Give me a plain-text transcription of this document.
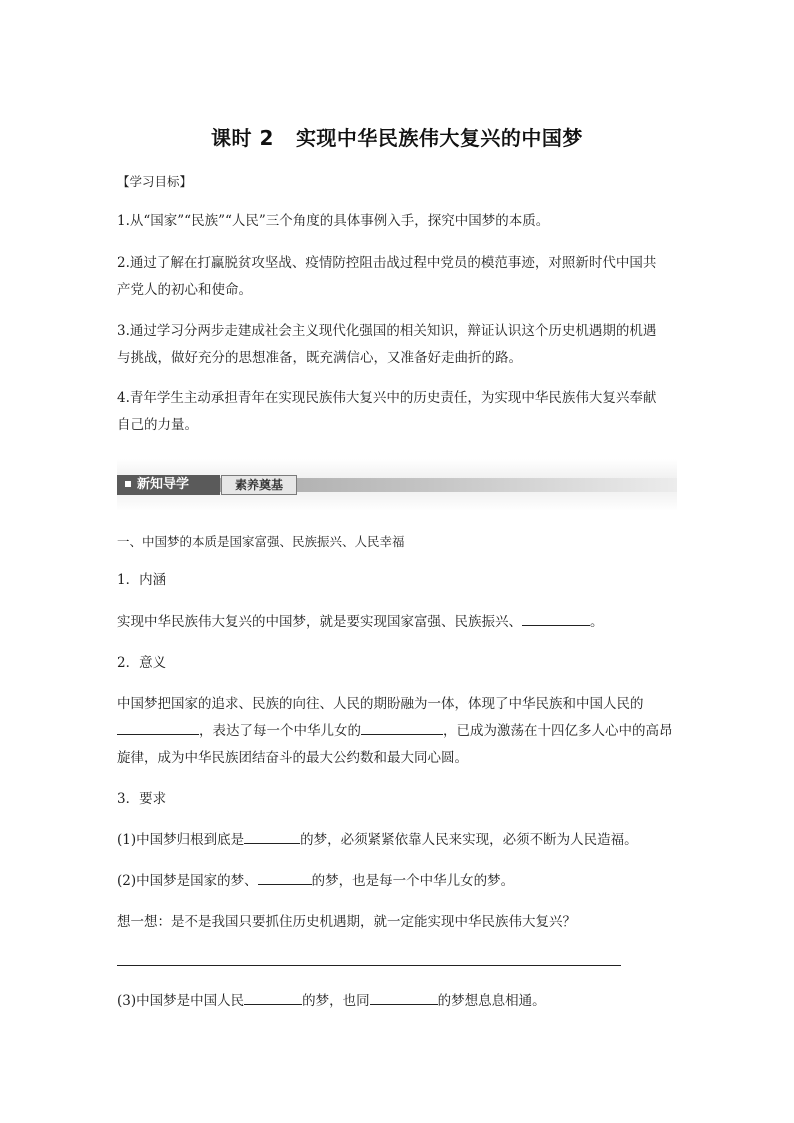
课时 2 实现中华民族伟大复兴的中国梦
【学习目标】
1.从“国家”“民族”“人民”三个角度的具体事例入手，探究中国梦的本质。
2.通过了解在打赢脱贫攻坚战、疫情防控阻击战过程中党员的模范事迹，对照新时代中国共
产党人的初心和使命。
3.通过学习分两步走建成社会主义现代化强国的相关知识，辩证认识这个历史机遇期的机遇
与挑战，做好充分的思想准备，既充满信心，又准备好走曲折的路。
4.青年学生主动承担青年在实现民族伟大复兴中的历史责任，为实现中华民族伟大复兴奉献
自己的力量。
新知导学	素养奠基
一、中国梦的本质是国家富强、民族振兴、人民幸福
1．内涵
实现中华民族伟大复兴的中国梦，就是要实现国家富强、民族振兴、	。
2．意义
中国梦把国家的追求、民族的向往、人民的期盼融为一体，体现了中华民族和中国人民的
，表达了每一个中华儿女的	，已成为激荡在十四亿多人心中的高昂
旋律，成为中华民族团结奋斗的最大公约数和最大同心圆。
3．要求
(1)中国梦归根到底是	的梦，必须紧紧依靠人民来实现，必须不断为人民造福。
(2)中国梦是国家的梦、	的梦，也是每一个中华儿女的梦。
想一想：是不是我国只要抓住历史机遇期，就一定能实现中华民族伟大复兴？
(3)中国梦是中国人民	的梦，也同	的梦想息息相通。
